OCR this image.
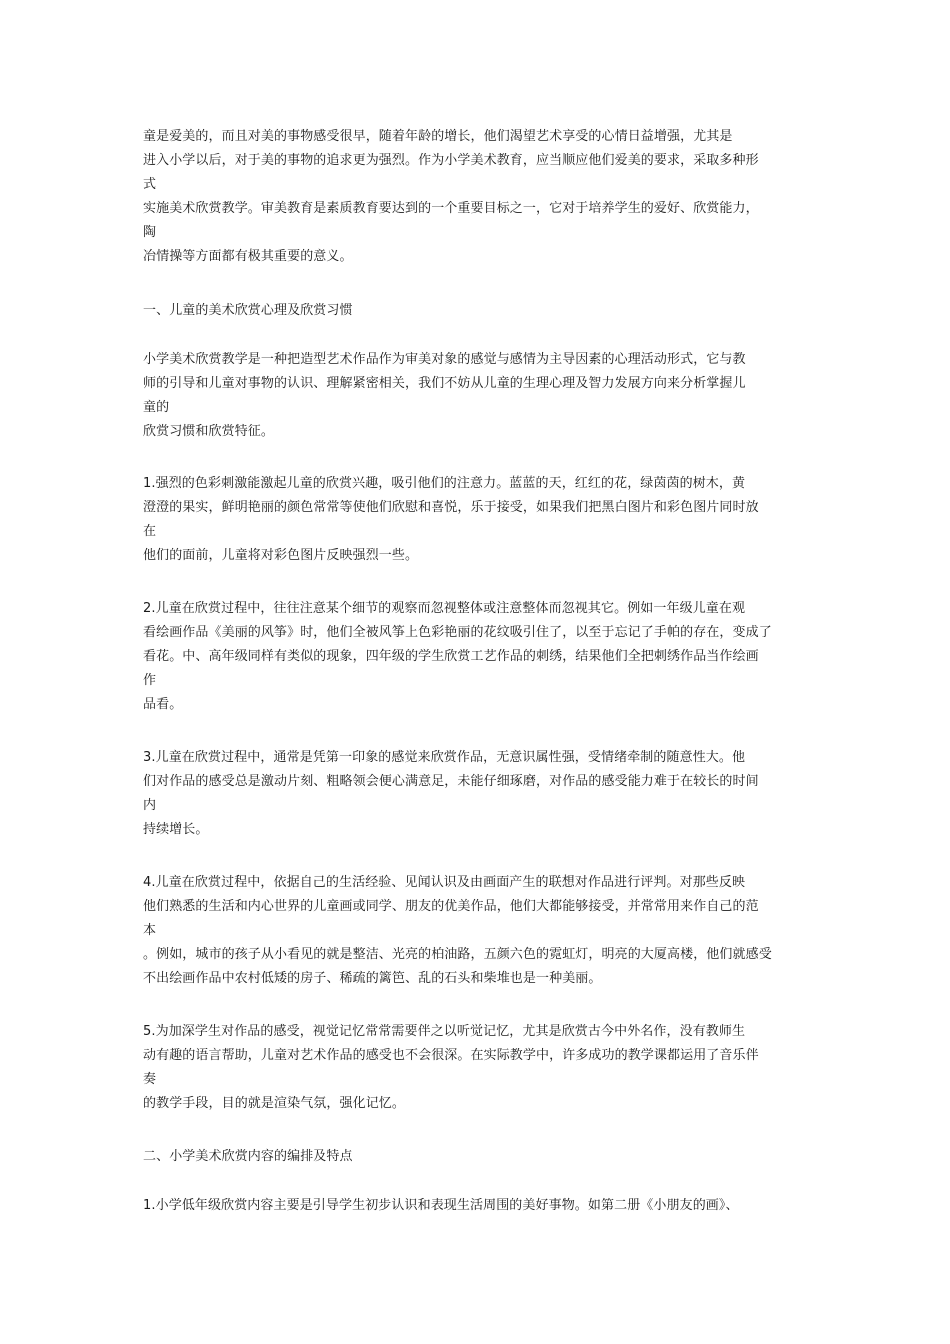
童是爱美的，而且对美的事物感受很早，随着年龄的增长，他们渴望艺术享受的心情日益增强，尤其是
进入小学以后，对于美的事物的追求更为强烈。作为小学美术教育，应当顺应他们爱美的要求，采取多种形
式
实施美术欣赏教学。审美教育是素质教育要达到的一个重要目标之一，它对于培养学生的爱好、欣赏能力，
陶
冶情操等方面都有极其重要的意义。
一、儿童的美术欣赏心理及欣赏习惯
小学美术欣赏教学是一种把造型艺术作品作为审美对象的感觉与感情为主导因素的心理活动形式，它与教
师的引导和儿童对事物的认识、理解紧密相关，我们不妨从儿童的生理心理及智力发展方向来分析掌握儿
童的
欣赏习惯和欣赏特征。
1.强烈的色彩刺激能激起儿童的欣赏兴趣，吸引他们的注意力。蓝蓝的天，红红的花，绿茵茵的树木，黄
澄澄的果实，鲜明艳丽的颜色常常等使他们欣慰和喜悦，乐于接受，如果我们把黑白图片和彩色图片同时放
在
他们的面前，儿童将对彩色图片反映强烈一些。
2.儿童在欣赏过程中，往往注意某个细节的观察而忽视整体或注意整体而忽视其它。例如一年级儿童在观
看绘画作品《美丽的风筝》时，他们全被风筝上色彩艳丽的花纹吸引住了，以至于忘记了手帕的存在，变成了
看花。中、高年级同样有类似的现象，四年级的学生欣赏工艺作品的刺绣，结果他们全把刺绣作品当作绘画
作
品看。
3.儿童在欣赏过程中，通常是凭第一印象的感觉来欣赏作品，无意识属性强，受情绪牵制的随意性大。他
们对作品的感受总是激动片刻、粗略领会便心满意足，未能仔细琢磨，对作品的感受能力难于在较长的时间
内
持续增长。
4.儿童在欣赏过程中，依据自己的生活经验、见闻认识及由画面产生的联想对作品进行评判。对那些反映
他们熟悉的生活和内心世界的儿童画或同学、朋友的优美作品，他们大都能够接受，并常常用来作自己的范
本
。例如，城市的孩子从小看见的就是整洁、光亮的柏油路，五颜六色的霓虹灯，明亮的大厦高楼，他们就感受
不出绘画作品中农村低矮的房子、稀疏的篱笆、乱的石头和柴堆也是一种美丽。
5.为加深学生对作品的感受，视觉记忆常常需要伴之以听觉记忆，尤其是欣赏古今中外名作，没有教师生
动有趣的语言帮助，儿童对艺术作品的感受也不会很深。在实际教学中，许多成功的教学课都运用了音乐伴
奏
的教学手段，目的就是渲染气氛，强化记忆。
二、小学美术欣赏内容的编排及特点
1.小学低年级欣赏内容主要是引导学生初步认识和表现生活周围的美好事物。如第二册《小朋友的画》、
